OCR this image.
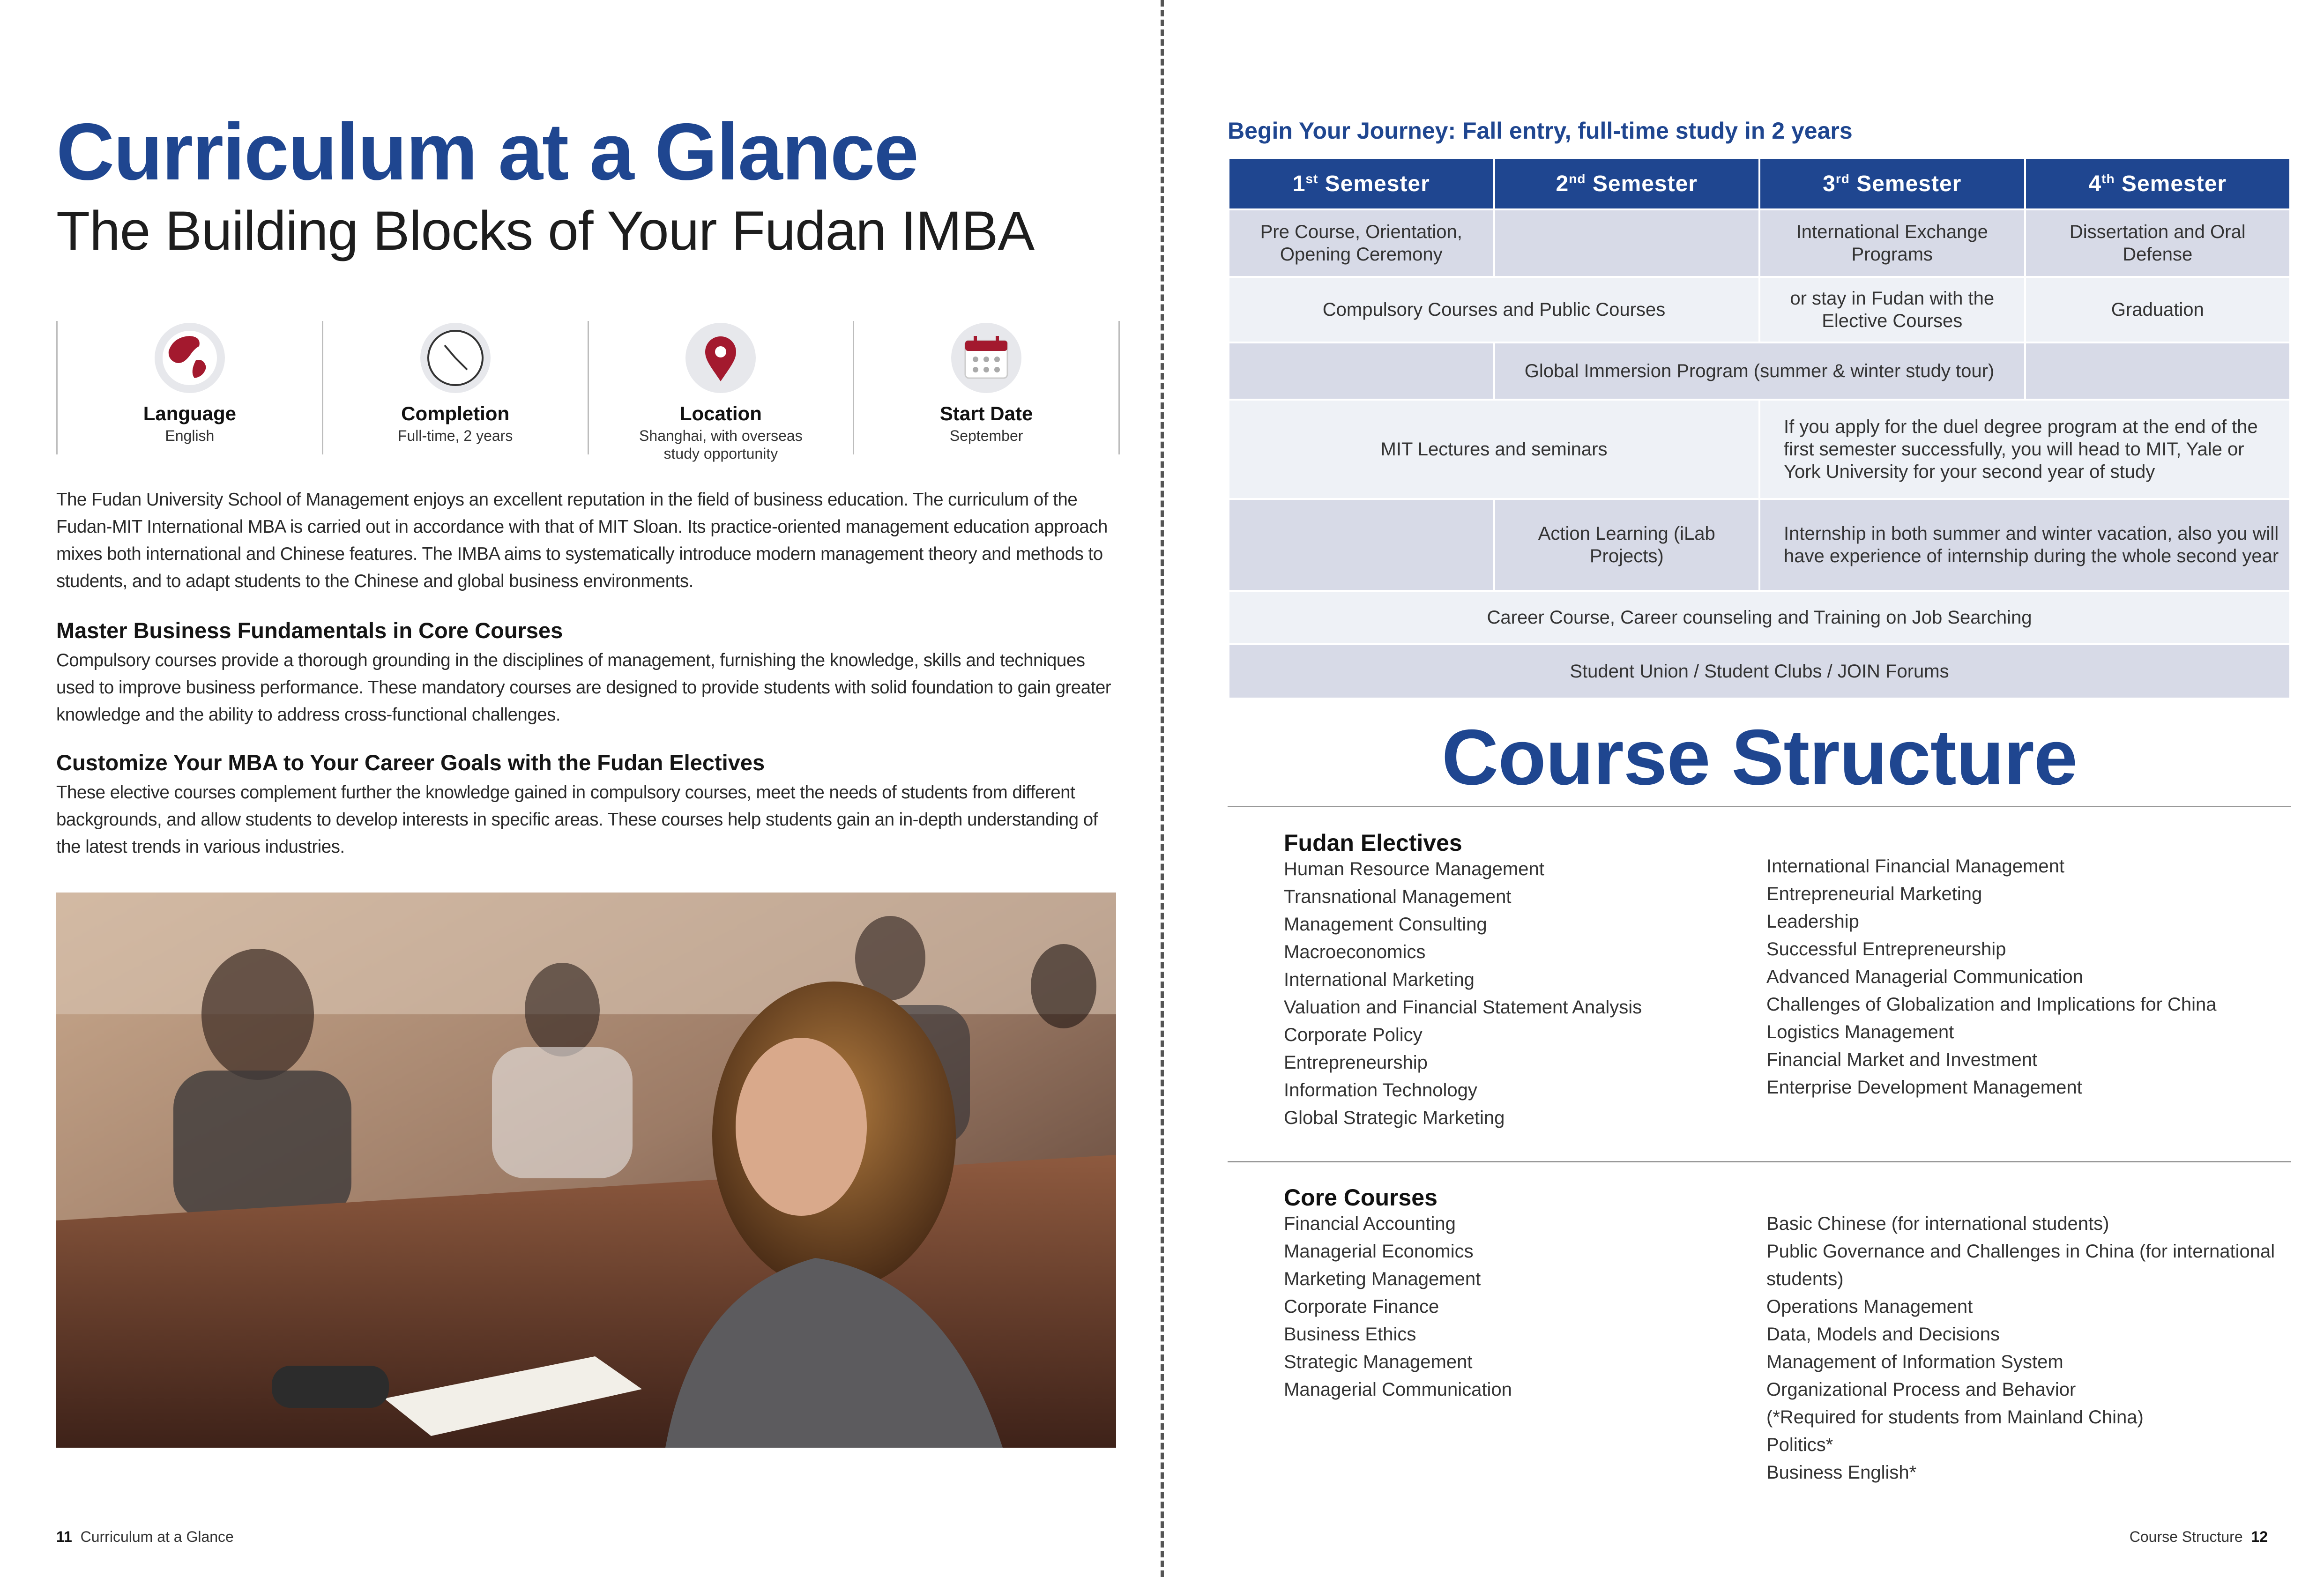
Curriculum at a Glance
The Building Blocks of Your Fudan IMBA
Language
English
Completion
Full-time, 2 years
Location
Shanghai, with overseas study opportunity
Start Date
September
The Fudan University School of Management enjoys an excellent reputation in the field of business education. The curriculum of the Fudan-MIT International MBA is carried out in accordance with that of MIT Sloan. Its practice-oriented management education approach mixes both international and Chinese features. The IMBA aims to systematically introduce modern management theory and methods to students, and to adapt students to the Chinese and global business environments.
Master Business Fundamentals in Core Courses
Compulsory courses provide a thorough grounding in the disciplines of management, furnishing the knowledge, skills and techniques used to improve business performance. These mandatory courses are designed to provide students with solid foundation to gain greater knowledge and the ability to address cross-functional challenges.
Customize Your MBA to Your Career Goals with the Fudan Electives
These elective courses complement further the knowledge gained in compulsory courses, meet the needs of students from different backgrounds, and allow students to develop interests in specific areas. These courses help students gain an in-depth understanding of the latest trends in various industries.
11 Curriculum at a Glance
Begin Your Journey: Fall entry, full-time study in 2 years
1st Semester	2nd Semester	3rd Semester	4th Semester
Pre Course, Orientation, Opening Ceremony		International Exchange Programs	Dissertation and Oral Defense
Compulsory Courses and Public Courses		or stay in Fudan with the Elective Courses	Graduation
	Global Immersion Program (summer & winter study tour)		
MIT Lectures and seminars		If you apply for the duel degree program at the end of the first semester successfully, you will head to MIT, Yale or York University for your second year of study	
	Action Learning (iLab Projects)	Internship in both summer and winter vacation, also you will have experience of internship during the whole second year	
Career Course, Career counseling and Training on Job Searching			
Student Union / Student Clubs / JOIN Forums			
Course Structure
Fudan Electives
Human Resource Management
Transnational Management
Management Consulting
Macroeconomics
International Marketing
Valuation and Financial Statement Analysis
Corporate Policy
Entrepreneurship
Information Technology
Global Strategic Marketing
International Financial Management
Entrepreneurial Marketing
Leadership
Successful Entrepreneurship
Advanced Managerial Communication
Challenges of Globalization and Implications for China
Logistics Management
Financial Market and Investment
Enterprise Development Management
Core Courses
Financial Accounting
Managerial Economics
Marketing Management
Corporate Finance
Business Ethics
Strategic Management
Managerial Communication
Basic Chinese (for international students)
Public Governance and Challenges in China (for international students)
Operations Management
Data, Models and Decisions
Management of Information System
Organizational Process and Behavior
(*Required for students from Mainland China)
Politics*
Business English*
Course Structure 12
